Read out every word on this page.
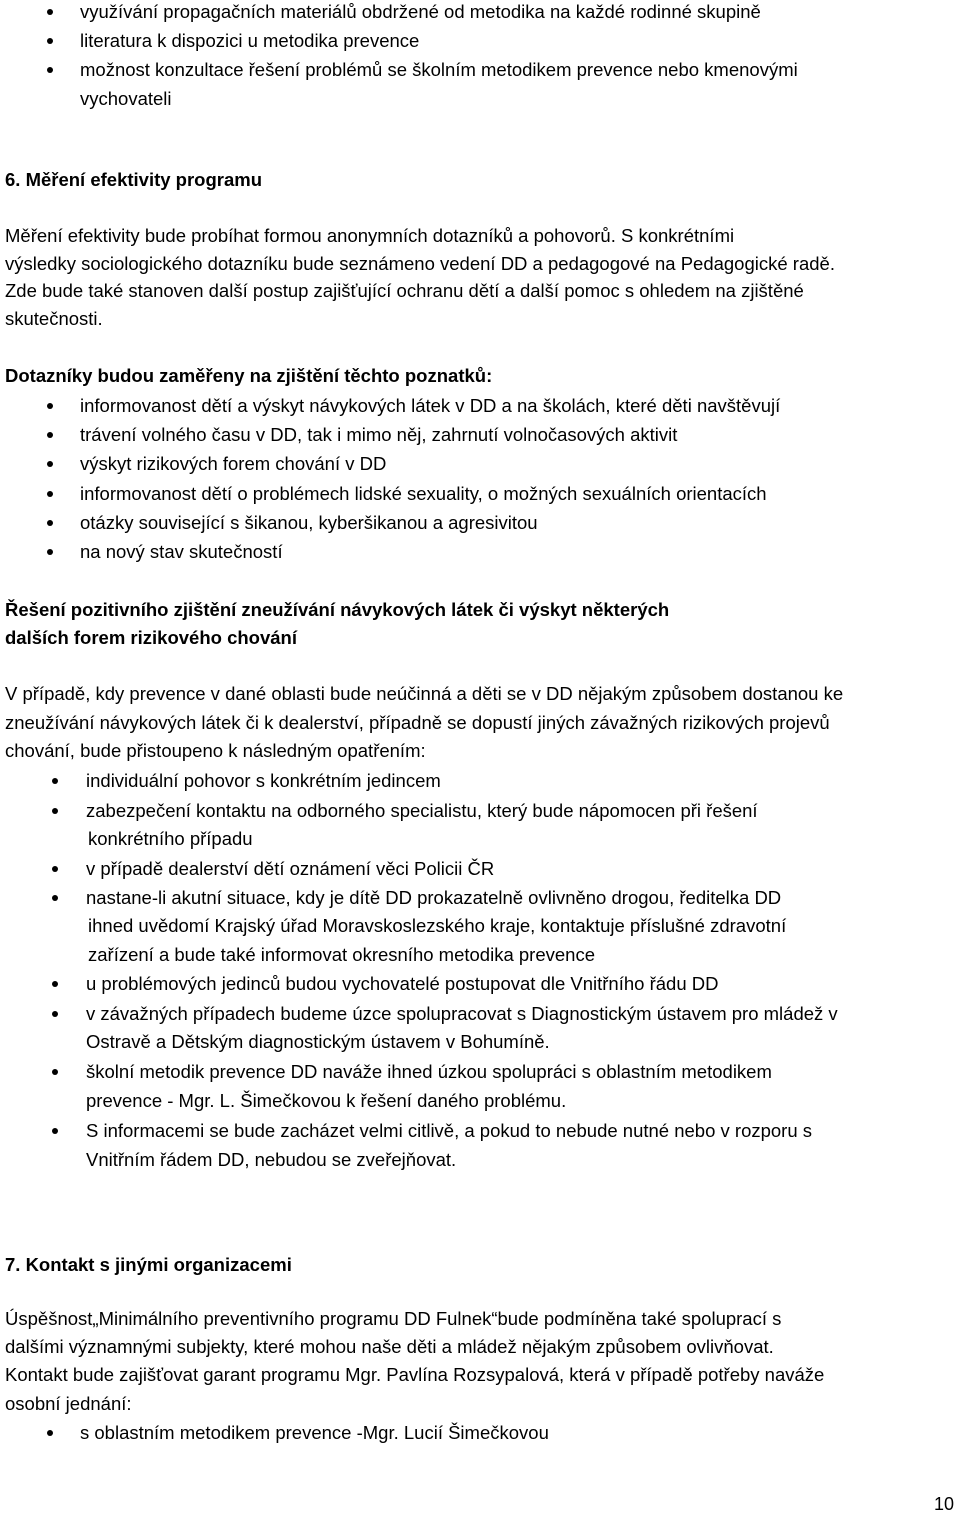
využívání propagačních materiálů obdržené od metodika na každé rodinné skupině
literatura k dispozici u metodika prevence
možnost konzultace řešení problémů se školním metodikem prevence nebo kmenovými
vychovateli
6. Měření efektivity programu
Měření efektivity bude probíhat formou anonymních dotazníků a pohovorů. S konkrétními
výsledky sociologického dotazníku bude seznámeno vedení DD a pedagogové na Pedagogické radě.
Zde bude také stanoven další postup zajišťující ochranu dětí a další pomoc s ohledem na zjištěné
skutečnosti.
Dotazníky budou zaměřeny na zjištění těchto poznatků:
informovanost dětí a výskyt návykových látek v DD a na školách, které děti navštěvují
trávení volného času v DD, tak i mimo něj, zahrnutí volnočasových aktivit
výskyt rizikových forem chování v DD
informovanost dětí o problémech lidské sexuality, o možných sexuálních orientacích
otázky související s šikanou, kyberšikanou a agresivitou
na nový stav skutečností
Řešení pozitivního zjištění zneužívání návykových látek či výskyt některých
dalších forem rizikového chování
V případě, kdy prevence v dané oblasti bude neúčinná a děti se v DD nějakým způsobem dostanou ke
zneužívání návykových látek či k dealerství, případně se dopustí jiných závažných rizikových projevů
chování, bude přistoupeno k následným opatřením:
individuální pohovor s konkrétním jedincem
zabezpečení kontaktu na odborného specialistu, který bude nápomocen při řešení
konkrétního případu
v případě dealerství dětí oznámení věci Policii ČR
nastane-li akutní situace, kdy je dítě DD prokazatelně ovlivněno drogou, ředitelka DD
ihned uvědomí Krajský úřad Moravskoslezského kraje, kontaktuje příslušné zdravotní
zařízení a bude také informovat okresního metodika prevence
u problémových jedinců budou vychovatelé postupovat dle Vnitřního řádu DD
v závažných případech budeme úzce spolupracovat s Diagnostickým ústavem pro mládež v
Ostravě a Dětským diagnostickým ústavem v Bohumíně.
školní metodik prevence DD naváže ihned úzkou spolupráci s oblastním metodikem
prevence - Mgr. L. Šimečkovou k řešení daného problému.
S informacemi se bude zacházet velmi citlivě, a pokud to nebude nutné nebo v rozporu s
Vnitřním řádem DD, nebudou se zveřejňovat.
7. Kontakt s jinými organizacemi
Úspěšnost„Minimálního preventivního programu DD Fulnek“bude podmíněna také spoluprací s
dalšími významnými subjekty, které mohou naše děti a mládež nějakým způsobem ovlivňovat.
Kontakt bude zajišťovat garant programu Mgr. Pavlína Rozsypalová, která v případě potřeby naváže
osobní jednání:
s oblastním metodikem prevence -Mgr. Lucií Šimečkovou
10
